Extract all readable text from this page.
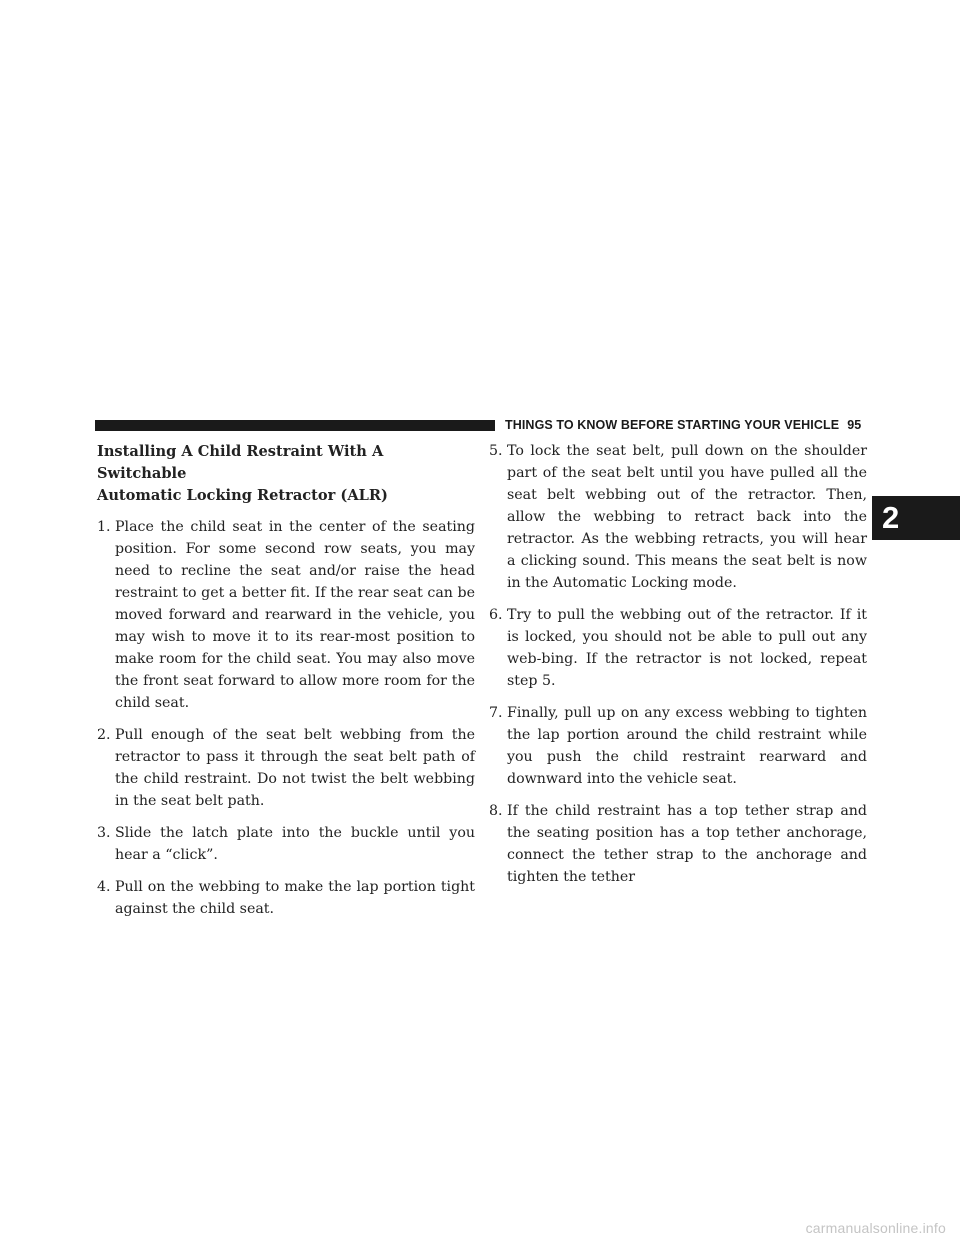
THINGS TO KNOW BEFORE STARTING YOUR VEHICLE 95
2
Installing A Child Restraint With A Switchable
Automatic Locking Retractor (ALR)
1. Place the child seat in the center of the seating position. For some second row seats, you may need to recline the seat and/or raise the head restraint to get a better fit. If the rear seat can be moved forward and rearward in the vehicle, you may wish to move it to its rear-most position to make room for the child seat. You may also move the front seat forward to allow more room for the child seat.
2. Pull enough of the seat belt webbing from the retractor to pass it through the seat belt path of the child restraint. Do not twist the belt webbing in the seat belt path.
3. Slide the latch plate into the buckle until you hear a “click”.
4. Pull on the webbing to make the lap portion tight against the child seat.
5. To lock the seat belt, pull down on the shoulder part of the seat belt until you have pulled all the seat belt webbing out of the retractor. Then, allow the webbing to retract back into the retractor. As the webbing retracts, you will hear a clicking sound. This means the seat belt is now in the Automatic Locking mode.
6. Try to pull the webbing out of the retractor. If it is locked, you should not be able to pull out any web-bing. If the retractor is not locked, repeat step 5.
7. Finally, pull up on any excess webbing to tighten the lap portion around the child restraint while you push the child restraint rearward and downward into the vehicle seat.
8. If the child restraint has a top tether strap and the seating position has a top tether anchorage, connect the tether strap to the anchorage and tighten the tether
carmanualsonline.info
